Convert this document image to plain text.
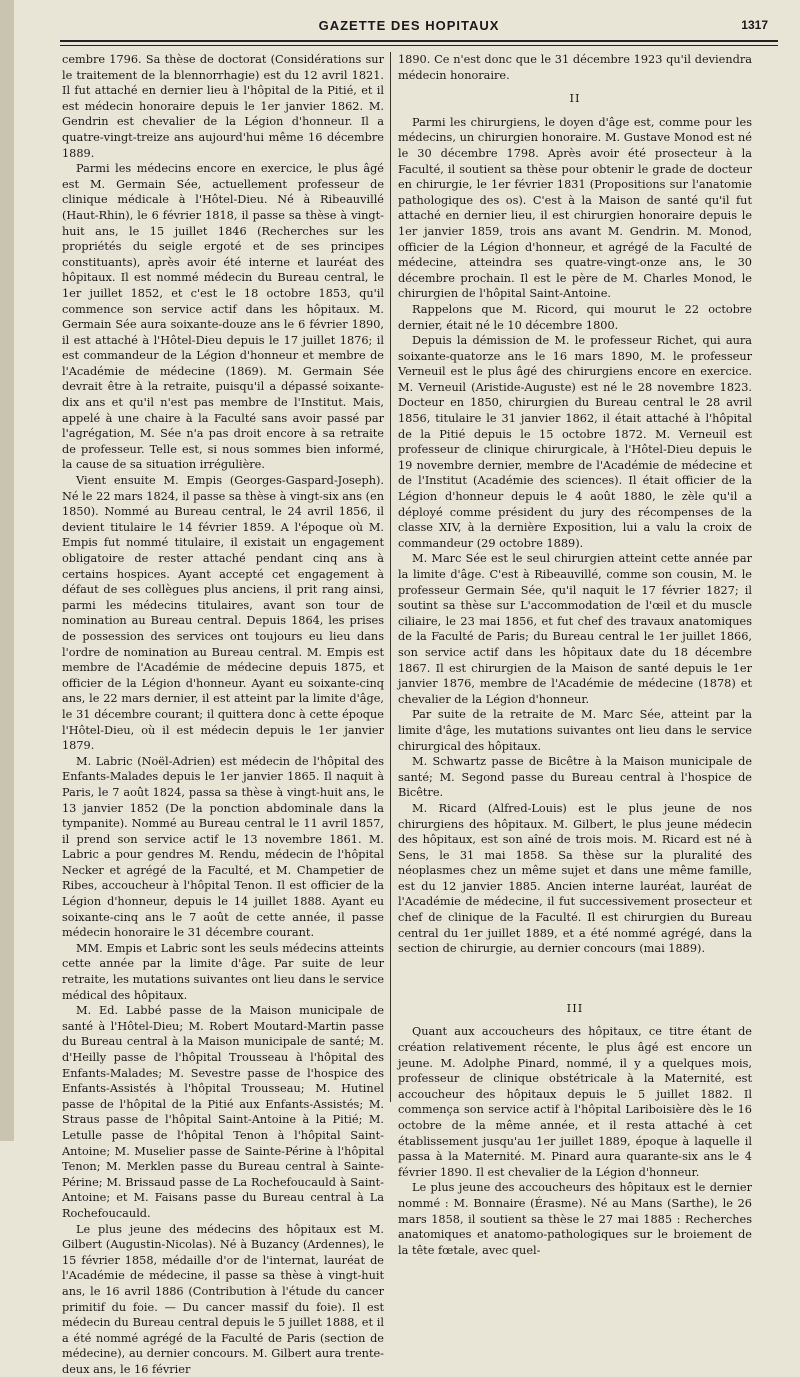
GAZETTE DES HOPITAUX	1317

cembre 1796. Sa thèse de doctorat (Considérations sur le traitement de la blennorrhagie) est du 12 avril 1821. Il fut attaché en dernier lieu à l'hôpital de la Pitié, et il est médecin honoraire depuis le 1er janvier 1862. M. Gendrin est chevalier de la Légion d'honneur. Il a quatre-vingt-treize ans aujourd'hui même 16 décembre 1889.

Parmi les médecins encore en exercice, le plus âgé est M. Germain Sée, actuellement professeur de clinique médicale à l'Hôtel-Dieu. Né à Ribeauvillé (Haut-Rhin), le 6 février 1818, il passe sa thèse à vingt-huit ans, le 15 juillet 1846 (Recherches sur les propriétés du seigle ergoté et de ses principes constituants), après avoir été interne et lauréat des hôpitaux. Il est nommé médecin du Bureau central, le 1er juillet 1852, et c'est le 18 octobre 1853, qu'il commence son service actif dans les hôpitaux. M. Germain Sée aura soixante-douze ans le 6 février 1890, il est attaché à l'Hôtel-Dieu depuis le 17 juillet 1876; il est commandeur de la Légion d'honneur et membre de l'Académie de médecine (1869). M. Germain Sée devrait être à la retraite, puisqu'il a dépassé soixante-dix ans et qu'il n'est pas membre de l'Institut. Mais, appelé à une chaire à la Faculté sans avoir passé par l'agrégation, M. Sée n'a pas droit encore à sa retraite de professeur. Telle est, si nous sommes bien informé, la cause de sa situation irrégulière.

Vient ensuite M. Empis (Georges-Gaspard-Joseph). Né le 22 mars 1824, il passe sa thèse à vingt-six ans (en 1850). Nommé au Bureau central, le 24 avril 1856, il devient titulaire le 14 février 1859. A l'époque où M. Empis fut nommé titulaire, il existait un engagement obligatoire de rester attaché pendant cinq ans à certains hospices. Ayant accepté cet engagement à défaut de ses collègues plus anciens, il prit rang ainsi, parmi les médecins titulaires, avant son tour de nomination au Bureau central. Depuis 1864, les prises de possession des services ont toujours eu lieu dans l'ordre de nomination au Bureau central. M. Empis est membre de l'Académie de médecine depuis 1875, et officier de la Légion d'honneur. Ayant eu soixante-cinq ans, le 22 mars dernier, il est atteint par la limite d'âge, le 31 décembre courant; il quittera donc à cette époque l'Hôtel-Dieu, où il est médecin depuis le 1er janvier 1879.

M. Labric (Noël-Adrien) est médecin de l'hôpital des Enfants-Malades depuis le 1er janvier 1865. Il naquit à Paris, le 7 août 1824, passa sa thèse à vingt-huit ans, le 13 janvier 1852 (De la ponction abdominale dans la tympanite). Nommé au Bureau central le 11 avril 1857, il prend son service actif le 13 novembre 1861. M. Labric a pour gendres M. Rendu, médecin de l'hôpital Necker et agrégé de la Faculté, et M. Champetier de Ribes, accoucheur à l'hôpital Tenon. Il est officier de la Légion d'honneur, depuis le 14 juillet 1888. Ayant eu soixante-cinq ans le 7 août de cette année, il passe médecin honoraire le 31 décembre courant.

MM. Empis et Labric sont les seuls médecins atteints cette année par la limite d'âge. Par suite de leur retraite, les mutations suivantes ont lieu dans le service médical des hôpitaux.

M. Ed. Labbé passe de la Maison municipale de santé à l'Hôtel-Dieu; M. Robert Moutard-Martin passe du Bureau central à la Maison municipale de santé; M. d'Heilly passe de l'hôpital Trousseau à l'hôpital des Enfants-Malades; M. Sevestre passe de l'hospice des Enfants-Assistés à l'hôpital Trousseau; M. Hutinel passe de l'hôpital de la Pitié aux Enfants-Assistés; M. Straus passe de l'hôpital Saint-Antoine à la Pitié; M. Letulle passe de l'hôpital Tenon à l'hôpital Saint-Antoine; M. Muselier passe de Sainte-Périne à l'hôpital Tenon; M. Merklen passe du Bureau central à Sainte-Périne; M. Brissaud passe de La Rochefoucauld à Saint-Antoine; et M. Faisans passe du Bureau central à La Rochefoucauld.

Le plus jeune des médecins des hôpitaux est M. Gilbert (Augustin-Nicolas). Né à Buzancy (Ardennes), le 15 février 1858, médaille d'or de l'internat, lauréat de l'Académie de médecine, il passe sa thèse à vingt-huit ans, le 16 avril 1886 (Contribution à l'étude du cancer primitif du foie. — Du cancer massif du foie). Il est médecin du Bureau central depuis le 5 juillet 1888, et il a été nommé agrégé de la Faculté de Paris (section de médecine), au dernier concours. M. Gilbert aura trente-deux ans, le 16 février

1890. Ce n'est donc que le 31 décembre 1923 qu'il deviendra médecin honoraire.

II

Parmi les chirurgiens, le doyen d'âge est, comme pour les médecins, un chirurgien honoraire. M. Gustave Monod est né le 30 décembre 1798. Après avoir été prosecteur à la Faculté, il soutient sa thèse pour obtenir le grade de docteur en chirurgie, le 1er février 1831 (Propositions sur l'anatomie pathologique des os). C'est à la Maison de santé qu'il fut attaché en dernier lieu, il est chirurgien honoraire depuis le 1er janvier 1859, trois ans avant M. Gendrin. M. Monod, officier de la Légion d'honneur, et agrégé de la Faculté de médecine, atteindra ses quatre-vingt-onze ans, le 30 décembre prochain. Il est le père de M. Charles Monod, le chirurgien de l'hôpital Saint-Antoine.

Rappelons que M. Ricord, qui mourut le 22 octobre dernier, était né le 10 décembre 1800.

Depuis la démission de M. le professeur Richet, qui aura soixante-quatorze ans le 16 mars 1890, M. le professeur Verneuil est le plus âgé des chirurgiens encore en exercice. M. Verneuil (Aristide-Auguste) est né le 28 novembre 1823. Docteur en 1850, chirurgien du Bureau central le 28 avril 1856, titulaire le 31 janvier 1862, il était attaché à l'hôpital de la Pitié depuis le 15 octobre 1872. M. Verneuil est professeur de clinique chirurgicale, à l'Hôtel-Dieu depuis le 19 novembre dernier, membre de l'Académie de médecine et de l'Institut (Académie des sciences). Il était officier de la Légion d'honneur depuis le 4 août 1880, le zèle qu'il a déployé comme président du jury des récompenses de la classe XIV, à la dernière Exposition, lui a valu la croix de commandeur (29 octobre 1889).

M. Marc Sée est le seul chirurgien atteint cette année par la limite d'âge. C'est à Ribeauvillé, comme son cousin, M. le professeur Germain Sée, qu'il naquit le 17 février 1827; il soutint sa thèse sur L'accommodation de l'œil et du muscle ciliaire, le 23 mai 1856, et fut chef des travaux anatomiques de la Faculté de Paris; du Bureau central le 1er juillet 1866, son service actif dans les hôpitaux date du 18 décembre 1867. Il est chirurgien de la Maison de santé depuis le 1er janvier 1876, membre de l'Académie de médecine (1878) et chevalier de la Légion d'honneur.

Par suite de la retraite de M. Marc Sée, atteint par la limite d'âge, les mutations suivantes ont lieu dans le service chirurgical des hôpitaux.

M. Schwartz passe de Bicêtre à la Maison municipale de santé; M. Segond passe du Bureau central à l'hospice de Bicêtre.

M. Ricard (Alfred-Louis) est le plus jeune de nos chirurgiens des hôpitaux. M. Gilbert, le plus jeune médecin des hôpitaux, est son aîné de trois mois. M. Ricard est né à Sens, le 31 mai 1858. Sa thèse sur la pluralité des néoplasmes chez un même sujet et dans une même famille, est du 12 janvier 1885. Ancien interne lauréat, lauréat de l'Académie de médecine, il fut successivement prosecteur et chef de clinique de la Faculté. Il est chirurgien du Bureau central du 1er juillet 1889, et a été nommé agrégé, dans la section de chirurgie, au dernier concours (mai 1889).

III

Quant aux accoucheurs des hôpitaux, ce titre étant de création relativement récente, le plus âgé est encore un jeune. M. Adolphe Pinard, nommé, il y a quelques mois, professeur de clinique obstétricale à la Maternité, est accoucheur des hôpitaux depuis le 5 juillet 1882. Il commença son service actif à l'hôpital Lariboisière dès le 16 octobre de la même année, et il resta attaché à cet établissement jusqu'au 1er juillet 1889, époque à laquelle il passa à la Maternité. M. Pinard aura quarante-six ans le 4 février 1890. Il est chevalier de la Légion d'honneur.

Le plus jeune des accoucheurs des hôpitaux est le dernier nommé : M. Bonnaire (Érasme). Né au Mans (Sarthe), le 26 mars 1858, il soutient sa thèse le 27 mai 1885 : Recherches anatomiques et anatomo-pathologiques sur le broiement de la tête fœtale, avec quel-
